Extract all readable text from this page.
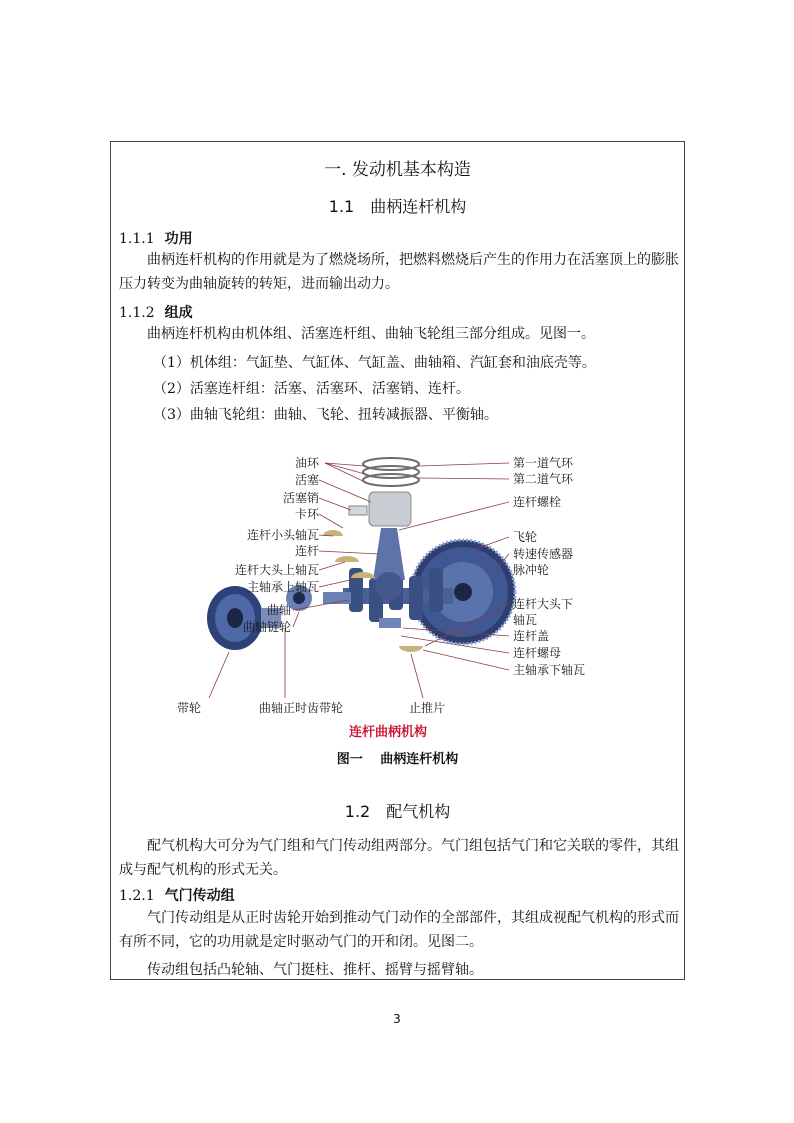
一. 发动机基本构造
1.1　曲柄连杆机构
1.1.1 功用

曲柄连杆机构的作用就是为了燃烧场所，把燃料燃烧后产生的作用力在活塞顶上的膨胀压力转变为曲轴旋转的转矩，进而输出动力。

1.1.2 组成

曲柄连杆机构由机体组、活塞连杆组、曲轴飞轮组三部分组成。见图一。

（1）机体组：气缸垫、气缸体、气缸盖、曲轴箱、汽缸套和油底壳等。
（2）活塞连杆组：活塞、活塞环、活塞销、连杆。
（3）曲轴飞轮组：曲轴、飞轮、扭转减振器、平衡轴。
油环
活塞
活塞销
卡环
连杆小头轴瓦
连杆
连杆大头上轴瓦
主轴承上轴瓦
曲轴
曲轴链轮
第一道气环
第二道气环
连杆螺栓
飞轮
转速传感器
脉冲轮
连杆大头下
轴瓦
连杆盖
连杆螺母
主轴承下轴瓦
带轮	曲轴正时齿带轮	止推片
连杆曲柄机构
图一　 曲柄连杆机构
1.2　配气机构

配气机构大可分为气门组和气门传动组两部分。气门组包括气门和它关联的零件，其组成与配气机构的形式无关。

1.2.1 气门传动组

气门传动组是从正时齿轮开始到推动气门动作的全部部件，其组成视配气机构的形式而有所不同，它的功用就是定时驱动气门的开和闭。见图二。

传动组包括凸轮轴、气门挺柱、推杆、摇臂与摇臂轴。

3
